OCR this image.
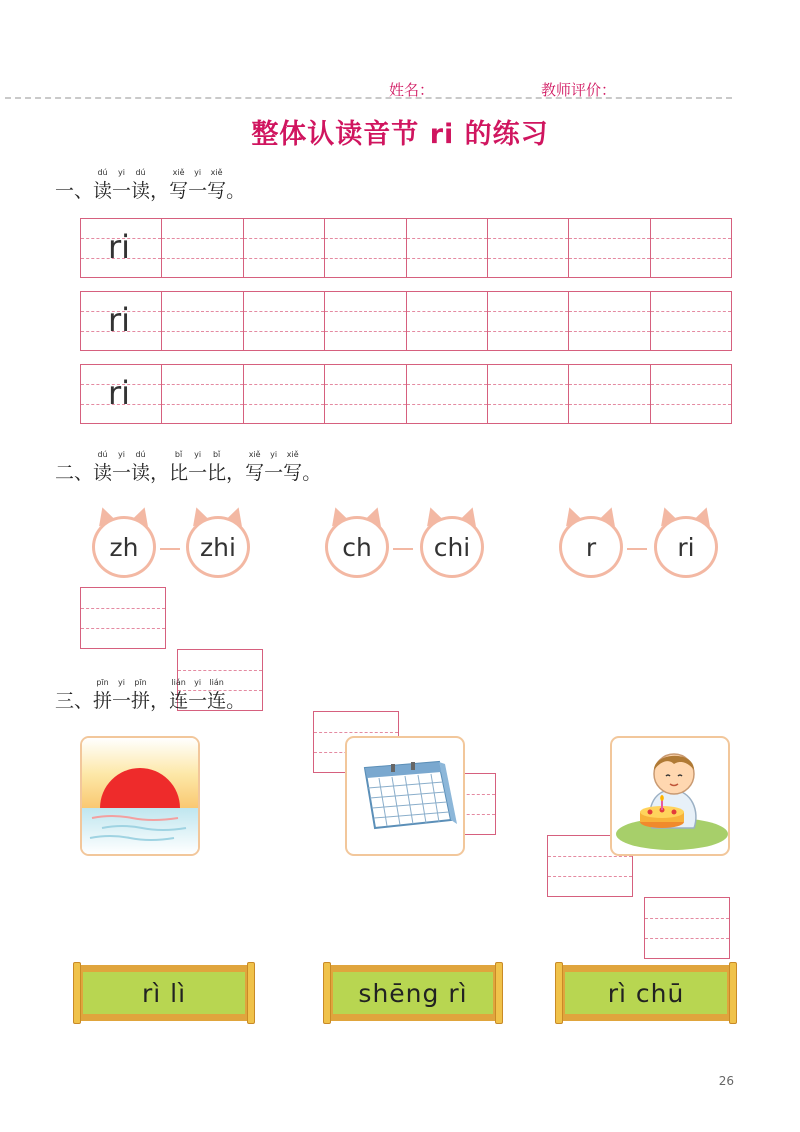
姓名：	教师评价：
整体认读音节 ri 的练习
一、
dú
读
yi
一
dú
读 ，
xiě
写
yi
一
xiě
写 。
ri
ri
ri
二、
dú
读
yi
一
dú
读 ，
bǐ
比
yi
一
bǐ
比 ，
xiě
写
yi
一
xiě
写 。
zh	zhi	ch	chi	r	ri
三、
pīn
拼
yi
一
pīn
拼 ，
lián
连
yi
一
lián
连 。
rì lì	shēng rì	rì chū
26
